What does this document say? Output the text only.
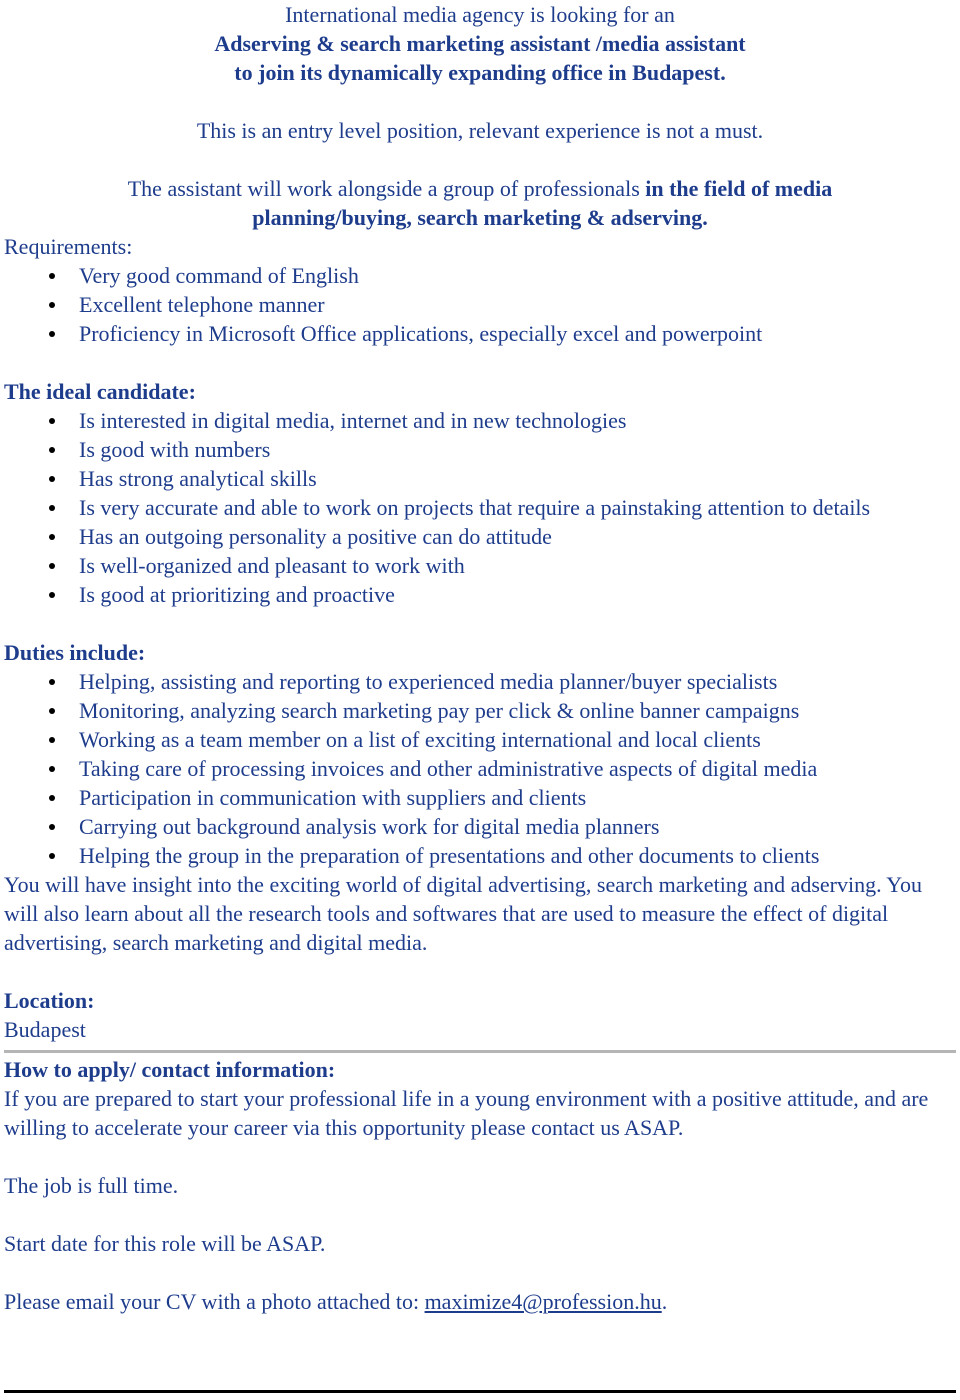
International media agency is looking for an
Adserving & search marketing assistant /media assistant
to join its dynamically expanding office in Budapest.
This is an entry level position, relevant experience is not a must.
The assistant will work alongside a group of professionals in the field of media
planning/buying, search marketing & adserving.
Requirements:
Very good command of English
Excellent telephone manner
Proficiency in Microsoft Office applications, especially excel and powerpoint
The ideal candidate:
Is interested in digital media, internet and in new technologies
Is good with numbers
Has strong analytical skills
Is very accurate and able to work on projects that require a painstaking attention to details
Has an outgoing personality a positive can do attitude
Is well-organized and pleasant to work with
Is good at prioritizing and proactive
Duties include:
Helping, assisting and reporting to experienced media planner/buyer specialists
Monitoring, analyzing search marketing pay per click & online banner campaigns
Working as a team member on a list of exciting international and local clients
Taking care of processing invoices and other administrative aspects of digital media
Participation in communication with suppliers and clients
Carrying out background analysis work for digital media planners
Helping the group in the preparation of presentations and other documents to clients
You will have insight into the exciting world of digital advertising, search marketing and adserving. You will also learn about all the research tools and softwares that are used to measure the effect of digital advertising, search marketing and digital media.
Location:
Budapest
How to apply/ contact information:
If you are prepared to start your professional life in a young environment with a positive attitude, and are willing to accelerate your career via this opportunity please contact us ASAP.
The job is full time.
Start date for this role will be ASAP.
Please email your CV with a photo attached to: maximize4@profession.hu.
